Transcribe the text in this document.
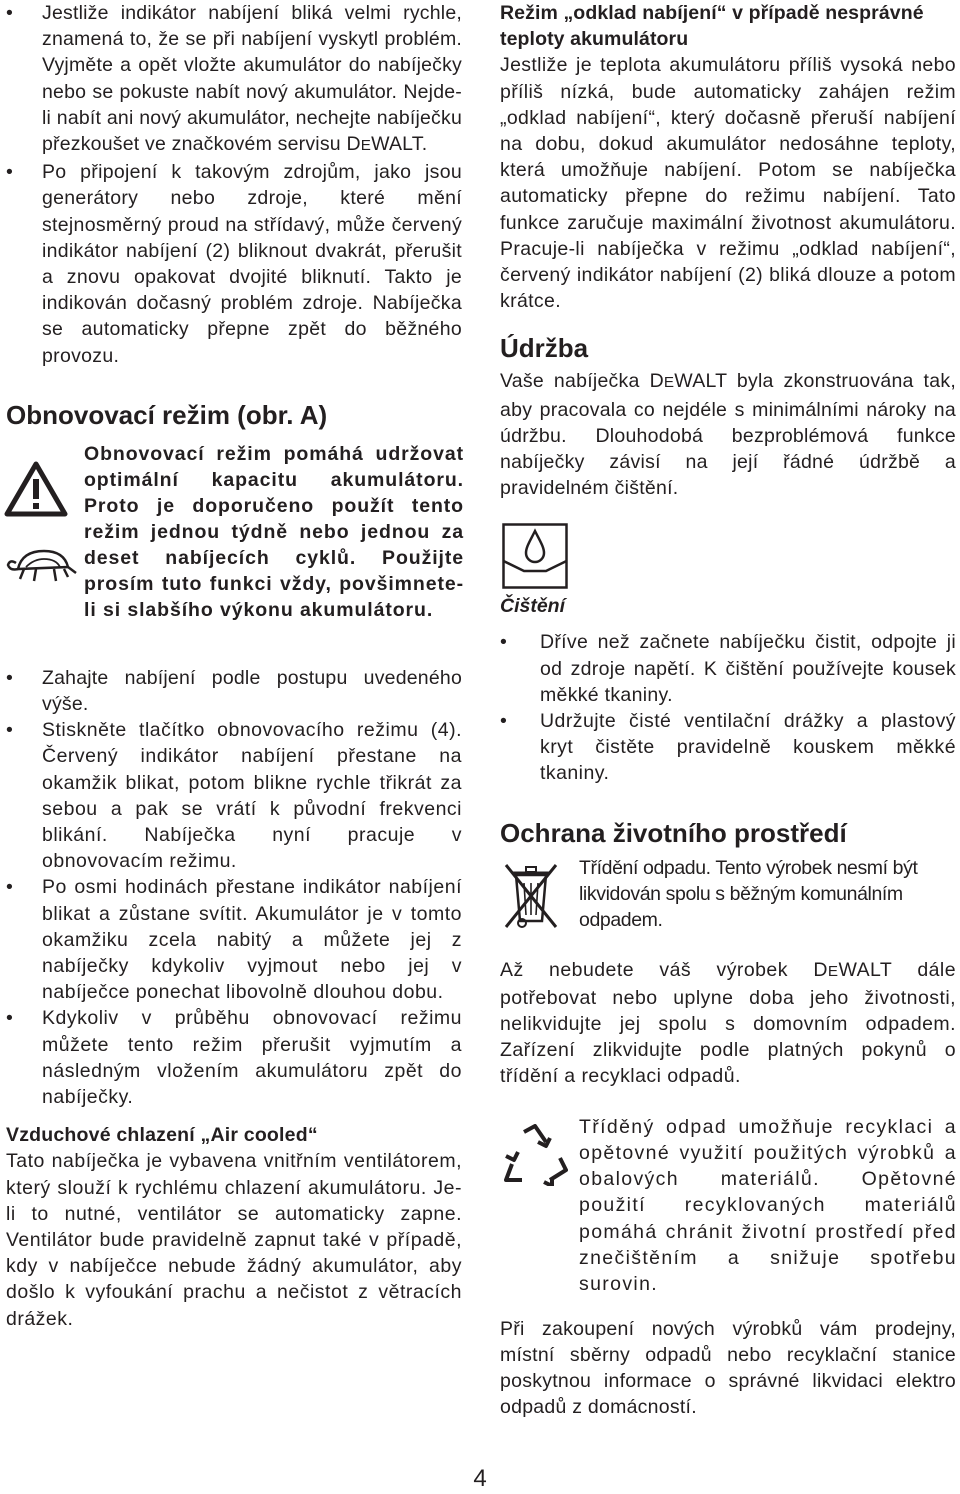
• Jestliže indikátor nabíjení bliká velmi rychle, znamená to, že se při nabíjení vyskytl problém. Vyjměte a opět vložte akumulátor do nabíječky nebo se pokuste nabít nový akumulátor. Nejde-li nabít ani nový akumulátor, nechejte nabíječku přezkoušet ve značkovém servisu DEWALT.
• Po připojení k takovým zdrojům, jako jsou generátory nebo zdroje, které mění stejnosměrný proud na střídavý, může červený indikátor nabíjení (2) bliknout dvakrát, přerušit a znovu opakovat dvojité bliknutí. Takto je indikován dočasný problém zdroje. Nabíječka se automaticky přepne zpět do běžného provozu.
Obnovovací režim (obr. A)

Obnovovací režim pomáhá udržovat optimální kapacitu akumulátoru. Proto je doporučeno použít tento režim jednou týdně nebo jednou za deset nabíjecích cyklů. Použijte prosím tuto funkci vždy, povšimnete-li si slabšího výkonu akumulátoru.

• Zahajte nabíjení podle postupu uvedeného výše.
• Stiskněte tlačítko obnovovacího režimu (4). Červený indikátor nabíjení přestane na okamžik blikat, potom blikne rychle třikrát za sebou a pak se vrátí k původní frekvenci blikání. Nabíječka nyní pracuje v obnovovacím režimu.
• Po osmi hodinách přestane indikátor nabíjení blikat a zůstane svítit. Akumulátor je v tomto okamžiku zcela nabitý a můžete jej z nabíječky kdykoliv vyjmout nebo jej v nabíječce ponechat libovolně dlouhou dobu.
• Kdykoliv v průběhu obnovovací režimu můžete tento režim přerušit vyjmutím a následným vložením akumulátoru zpět do nabíječky.

Vzduchové chlazení „Air cooled“

Tato nabíječka je vybavena vnitřním ventilátorem, který slouží k rychlému chlazení akumulátoru. Je-li to nutné, ventilátor se automaticky zapne. Ventilátor bude pravidelně zapnut také v případě, kdy v nabíječce nebude žádný akumulátor, aby došlo k vyfoukání prachu a nečistot z větracích drážek.

Režim „odklad nabíjení“ v případě nesprávné teploty akumulátoru

Jestliže je teplota akumulátoru příliš vysoká nebo příliš nízká, bude automaticky zahájen režim „odklad nabíjení“, který dočasně přeruší nabíjení na dobu, dokud akumulátor nedosáhne teploty, která umožňuje nabíjení. Potom se nabíječka automaticky přepne do režimu nabíjení. Tato funkce zaručuje maximální životnost akumulátoru. Pracuje-li nabíječka v režimu „odklad nabíjení“, červený indikátor nabíjení (2) bliká dlouze a potom krátce.

Údržba

Vaše nabíječka DEWALT byla zkonstruována tak, aby pracovala co nejdéle s minimálními nároky na údržbu. Dlouhodobá bezproblémová funkce nabíječky závisí na její řádné údržbě a pravidelném čištění.

Čištění

• Dříve než začnete nabíječku čistit, odpojte ji od zdroje napětí. K čištění používejte kousek měkké tkaniny.
• Udržujte čisté ventilační drážky a plastový kryt čistěte pravidelně kouskem měkké tkaniny.
Ochrana životního prostředí

Třídění odpadu. Tento výrobek nesmí být likvidován spolu s běžným komunálním odpadem.

Až nebudete váš výrobek DEWALT dále potřebovat nebo uplyne doba jeho životnosti, nelikvidujte jej spolu s domovním odpadem. Zařízení zlikvidujte podle platných pokynů o třídění a recyklaci odpadů.

Tříděný odpad umožňuje recyklaci a opětovné využití použitých výrobků a obalových materiálů. Opětovné použití recyklovaných materiálů pomáhá chránit životní prostředí před znečištěním a snižuje spotřebu surovin.

Při zakoupení nových výrobků vám prodejny, místní sběrny odpadů nebo recyklační stanice poskytnou informace o správné likvidaci elektro odpadů z domácností.

4
